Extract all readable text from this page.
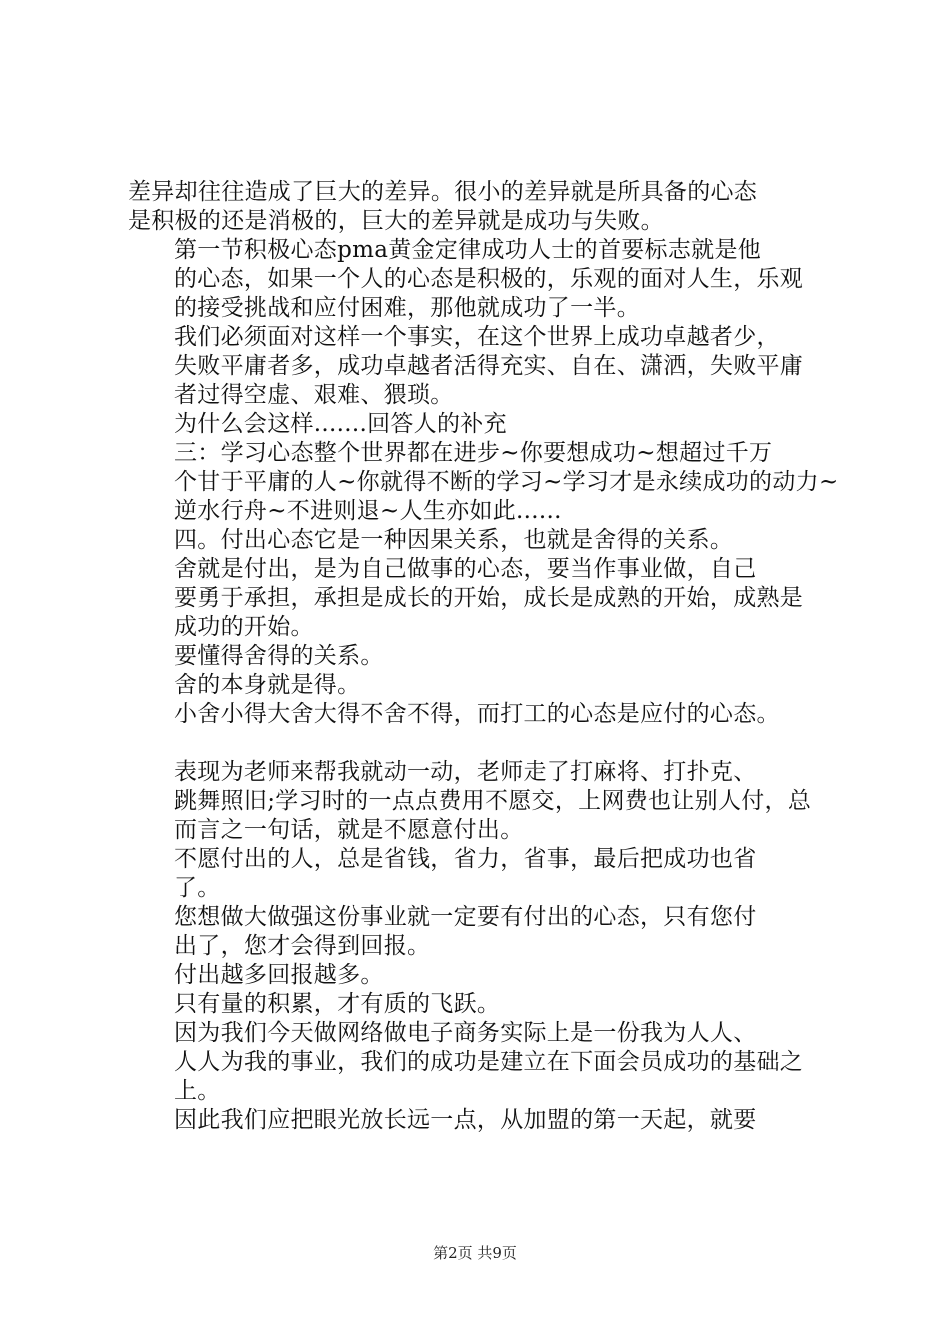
差异却往往造成了巨大的差异。很小的差异就是所具备的心态
是积极的还是消极的，巨大的差异就是成功与失败。

第一节积极心态pma黄金定律成功人士的首要标志就是他
的心态，如果一个人的心态是积极的，乐观的面对人生，乐观
的接受挑战和应付困难，那他就成功了一半。

我们必须面对这样一个事实，在这个世界上成功卓越者少，
失败平庸者多，成功卓越者活得充实、自在、潇洒，失败平庸
者过得空虚、艰难、猥琐。

为什么会这样.......回答人的补充

三：学习心态整个世界都在进步~你要想成功~想超过千万
个甘于平庸的人~你就得不断的学习~学习才是永续成功的动力~
逆水行舟~不进则退~人生亦如此......

四。付出心态它是一种因果关系，也就是舍得的关系。

舍就是付出，是为自己做事的心态，要当作事业做，自己
要勇于承担，承担是成长的开始，成长是成熟的开始，成熟是
成功的开始。

要懂得舍得的关系。

舍的本身就是得。

小舍小得大舍大得不舍不得，而打工的心态是应付的心态。

表现为老师来帮我就动一动，老师走了打麻将、打扑克、
跳舞照旧;学习时的一点点费用不愿交，上网费也让别人付，总
而言之一句话，就是不愿意付出。

不愿付出的人，总是省钱，省力，省事，最后把成功也省
了。

您想做大做强这份事业就一定要有付出的心态，只有您付
出了，您才会得到回报。

付出越多回报越多。

只有量的积累，才有质的飞跃。

因为我们今天做网络做电子商务实际上是一份我为人人、
人人为我的事业，我们的成功是建立在下面会员成功的基础之
上。

因此我们应把眼光放长远一点，从加盟的第一天起，就要

第2页 共9页
